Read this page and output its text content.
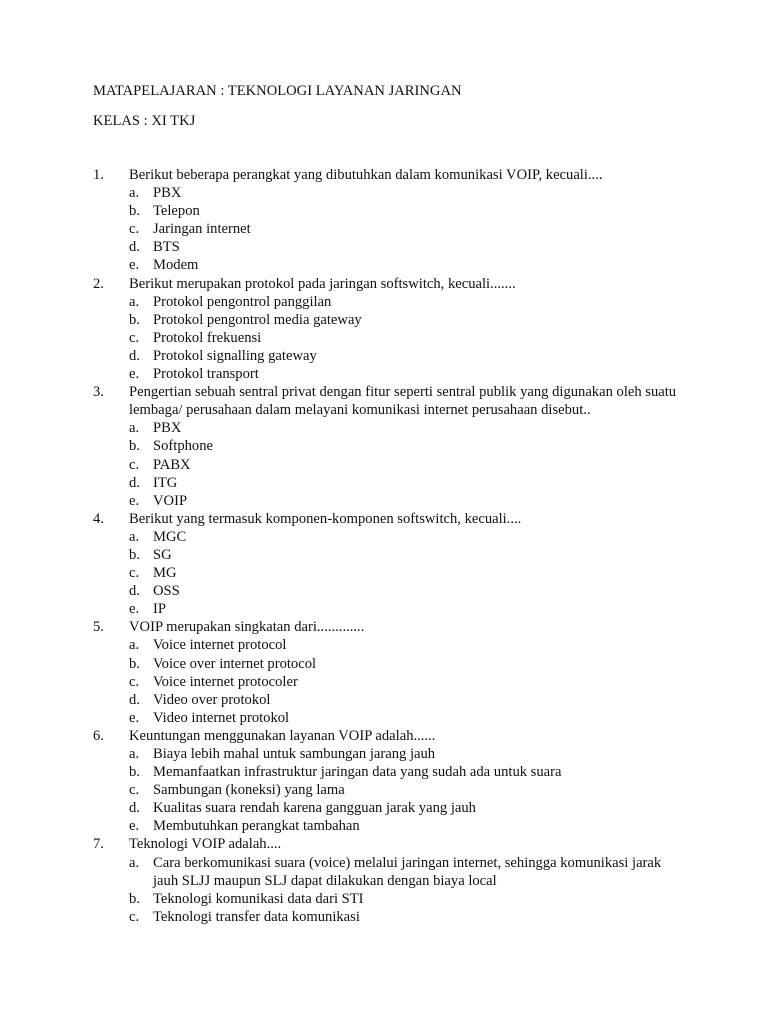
MATAPELAJARAN : TEKNOLOGI LAYANAN JARINGAN
KELAS : XI TKJ
1. Berikut beberapa perangkat yang dibutuhkan dalam komunikasi VOIP, kecuali....
a. PBX
b. Telepon
c. Jaringan internet
d. BTS
e. Modem
2. Berikut merupakan protokol pada jaringan softswitch, kecuali.......
a. Protokol pengontrol panggilan
b. Protokol pengontrol media gateway
c. Protokol frekuensi
d. Protokol signalling gateway
e. Protokol transport
3. Pengertian sebuah sentral privat dengan fitur seperti sentral publik yang digunakan oleh suatu lembaga/ perusahaan dalam melayani komunikasi internet perusahaan disebut..
a. PBX
b. Softphone
c. PABX
d. ITG
e. VOIP
4. Berikut yang termasuk komponen-komponen softswitch, kecuali....
a. MGC
b. SG
c. MG
d. OSS
e. IP
5. VOIP merupakan singkatan dari.............
a. Voice internet protocol
b. Voice over internet protocol
c. Voice internet protocoler
d. Video over protokol
e. Video internet protokol
6. Keuntungan menggunakan layanan VOIP adalah......
a. Biaya lebih mahal untuk sambungan jarang jauh
b. Memanfaatkan infrastruktur jaringan data yang sudah ada untuk suara
c. Sambungan (koneksi) yang lama
d. Kualitas suara rendah karena gangguan jarak yang jauh
e. Membutuhkan perangkat tambahan
7. Teknologi VOIP adalah....
a. Cara berkomunikasi suara (voice) melalui jaringan internet, sehingga komunikasi jarak jauh SLJJ maupun SLJ dapat dilakukan dengan biaya local
b. Teknologi komunikasi data dari STI
c. Teknologi transfer data komunikasi
